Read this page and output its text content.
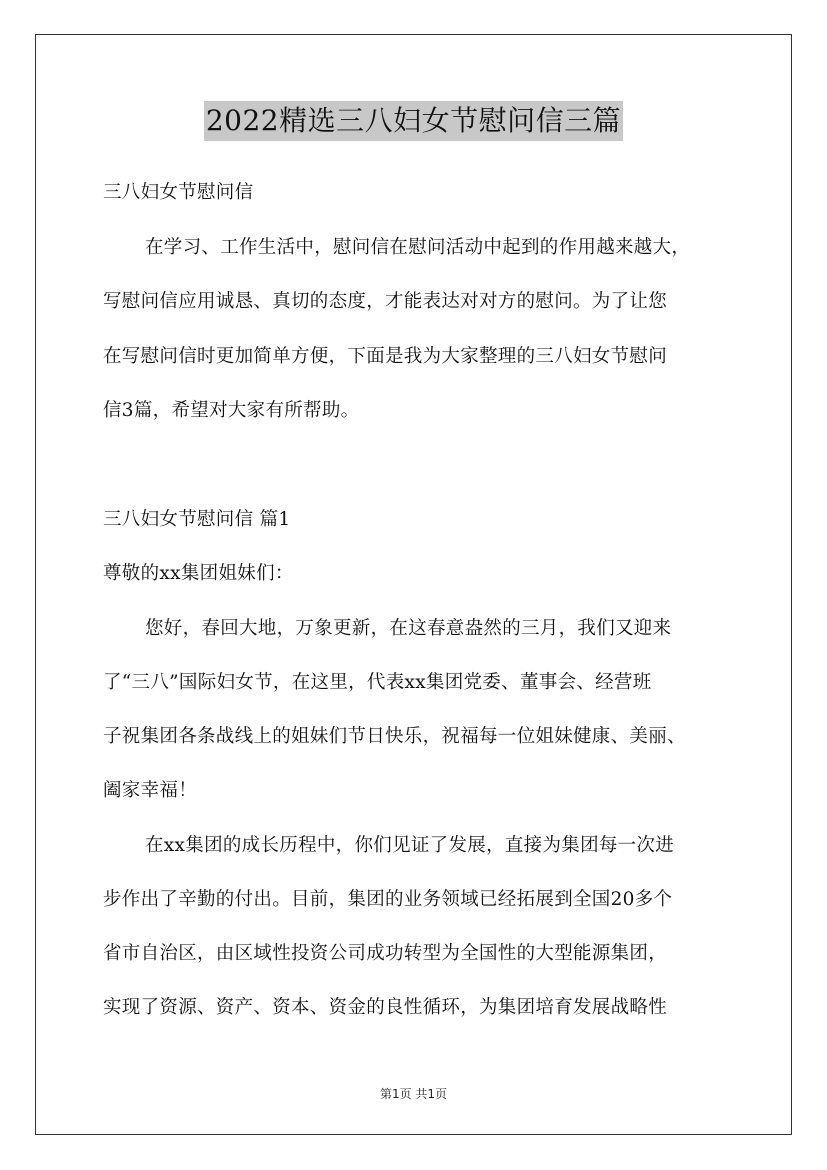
2022精选三八妇女节慰问信三篇
三八妇女节慰问信
在学习、工作生活中，慰问信在慰问活动中起到的作用越来越大，
写慰问信应用诚恳、真切的态度，才能表达对对方的慰问。为了让您
在写慰问信时更加简单方便，下面是我为大家整理的三八妇女节慰问
信3篇，希望对大家有所帮助。
三八妇女节慰问信 篇1
尊敬的xx集团姐妹们：
您好，春回大地，万象更新，在这春意盎然的三月，我们又迎来
了“三八”国际妇女节，在这里，代表xx集团党委、董事会、经营班
子祝集团各条战线上的姐妹们节日快乐，祝福每一位姐妹健康、美丽、
阖家幸福！
在xx集团的成长历程中，你们见证了发展，直接为集团每一次进
步作出了辛勤的付出。目前，集团的业务领域已经拓展到全国20多个
省市自治区，由区域性投资公司成功转型为全国性的大型能源集团，
实现了资源、资产、资本、资金的良性循环，为集团培育发展战略性
第1页 共1页
